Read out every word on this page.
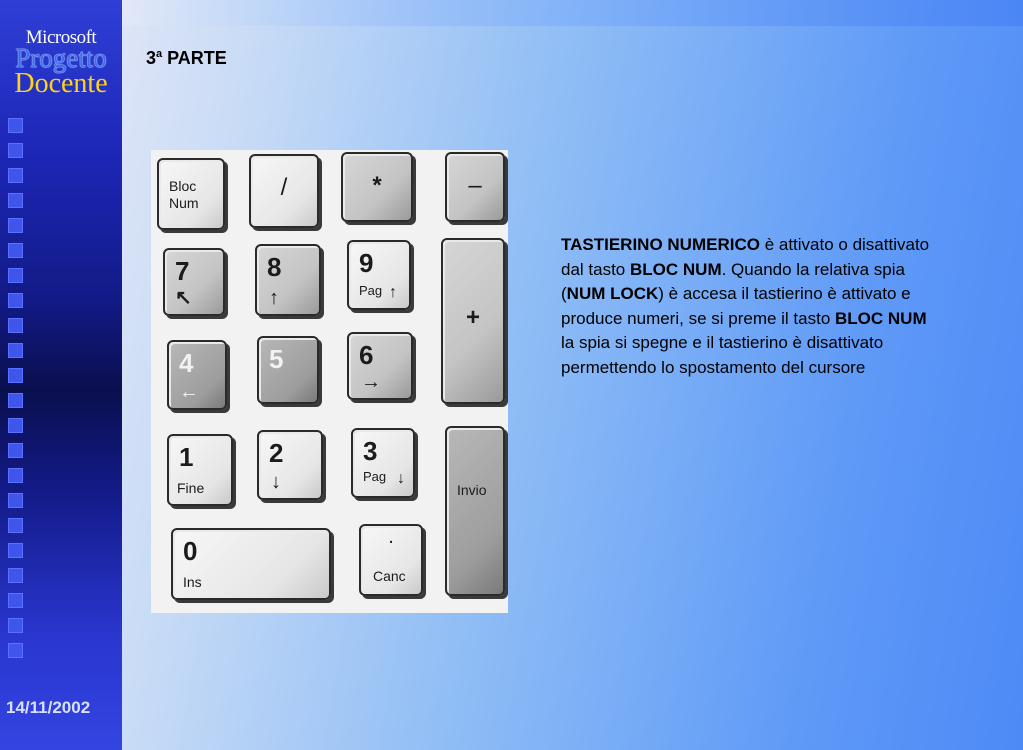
Microsoft
Progetto
Docente
14/11/2002
3$^a$ PARTE
Bloc
Num
/	*	–
7
↖
8
↑
9
Pag ↑
+
4
←
5	6
→
1
Fine
2
↓
3
Pag ↓
Invio
0
Ins
.
Canc
TASTIERINO NUMERICO è attivato o disattivato dal tasto BLOC NUM. Quando la relativa spia (NUM LOCK) è accesa il tastierino è attivato e produce numeri, se si preme il tasto BLOC NUM la spia si spegne e il tastierino è disattivato permettendo lo spostamento del cursore
